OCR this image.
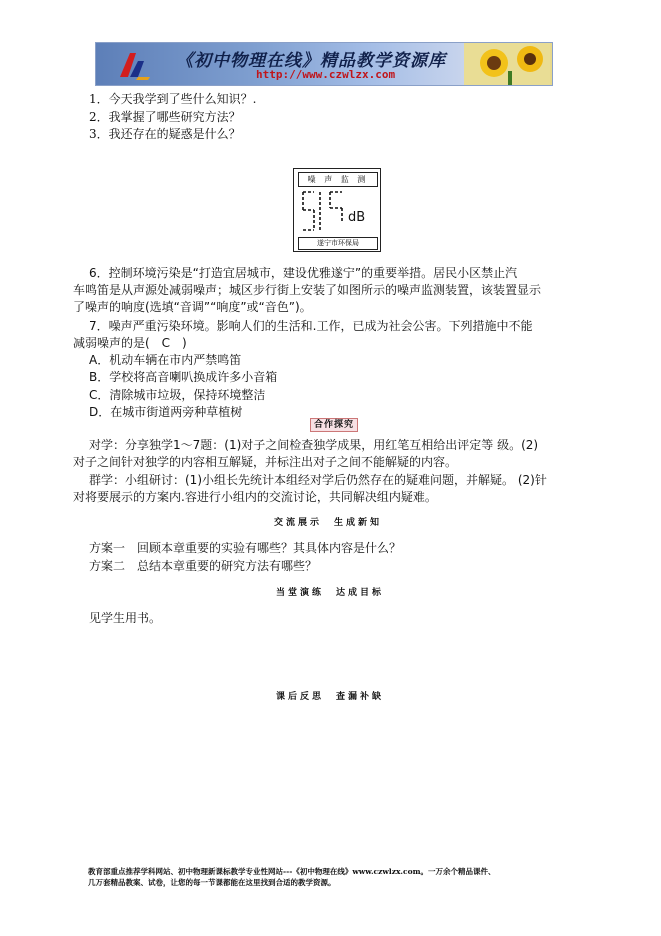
《初中物理在线》精品教学资源库
http://www.czwlzx.com
1．今天我学到了些什么知识？.
2．我掌握了哪些研究方法？
3．我还存在的疑惑是什么？
噪 声 监 测
dB
遂宁市环保局
6．控制环境污染是“打造宜居城市，建设优雅遂宁”的重要举措。居民小区禁止汽
车鸣笛是从声源处减弱噪声；城区步行街上安装了如图所示的噪声监测装置，该装置显示
了噪声的响度(选填“音调”“响度”或“音色”)。
7．噪声严重污染环境。影响人们的生活和.工作，已成为社会公害。下列措施中不能
减弱噪声的是(　C　)
A．机动车辆在市内严禁鸣笛
B．学校将高音喇叭换成许多小音箱
C．清除城市垃圾，保持环境整洁
D．在城市街道两旁种草植树
合作探究
对学：分享独学1～7题：(1)对子之间检查独学成果，用红笔互相给出评定等 级。(2)
对子之间针对独学的内容相互解疑，并标注出对子之间不能解疑的内容。
群学：小组研讨：(1)小组长先统计本组经对学后仍然存在的疑难问题，并解疑。 (2)针
对将要展示的方案内.容进行小组内的交流讨论，共同解决组内疑难。
交流展示　生成新知
方案一　回顾本章重要的实验有哪些？其具体内容是什么？
方案二　总结本章重要的研究方法有哪些？
当堂演练　达成目标
见学生用书。
课后反思　查漏补缺
教育部重点推荐学科网站、初中物理新课标教学专业性网站---《初中物理在线》www.czwlzx.com。一万余个精品课件、
几万套精品教案、试卷，让您的每一节课都能在这里找到合适的教学资源。
